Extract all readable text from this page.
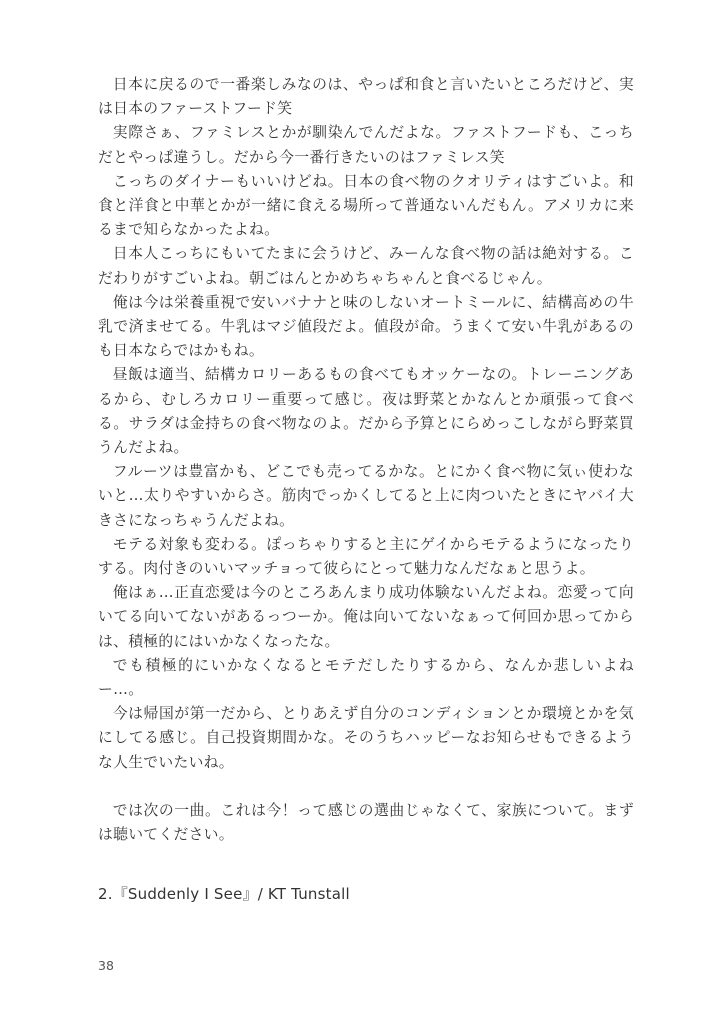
日本に戻るので一番楽しみなのは、やっぱ和食と言いたいところだけど、実は日本のファーストフード笑

実際さぁ、ファミレスとかが馴染んでんだよな。ファストフードも、こっちだとやっぱ違うし。だから今一番行きたいのはファミレス笑

こっちのダイナーもいいけどね。日本の食べ物のクオリティはすごいよ。和食と洋食と中華とかが一緒に食える場所って普通ないんだもん。アメリカに来るまで知らなかったよね。

日本人こっちにもいてたまに会うけど、みーんな食べ物の話は絶対する。こだわりがすごいよね。朝ごはんとかめちゃちゃんと食べるじゃん。

俺は今は栄養重視で安いバナナと味のしないオートミールに、結構高めの牛乳で済ませてる。牛乳はマジ値段だよ。値段が命。うまくて安い牛乳があるのも日本ならではかもね。

昼飯は適当、結構カロリーあるもの食べてもオッケーなの。トレーニングあるから、むしろカロリー重要って感じ。夜は野菜とかなんとか頑張って食べる。サラダは金持ちの食べ物なのよ。だから予算とにらめっこしながら野菜買うんだよね。

フルーツは豊富かも、どこでも売ってるかな。とにかく食べ物に気ぃ使わないと…太りやすいからさ。筋肉でっかくしてると上に肉ついたときにヤバイ大きさになっちゃうんだよね。

モテる対象も変わる。ぽっちゃりすると主にゲイからモテるようになったりする。肉付きのいいマッチョって彼らにとって魅力なんだなぁと思うよ。

俺はぁ…正直恋愛は今のところあんまり成功体験ないんだよね。恋愛って向いてる向いてないがあるっつーか。俺は向いてないなぁって何回か思ってからは、積極的にはいかなくなったな。

でも積極的にいかなくなるとモテだしたりするから、なんか悲しいよねー…。

今は帰国が第一だから、とりあえず自分のコンディションとか環境とかを気にしてる感じ。自己投資期間かな。そのうちハッピーなお知らせもできるような人生でいたいね。

では次の一曲。これは今！って感じの選曲じゃなくて、家族について。まずは聴いてください。

2.『Suddenly I See』/ KT Tunstall
38
